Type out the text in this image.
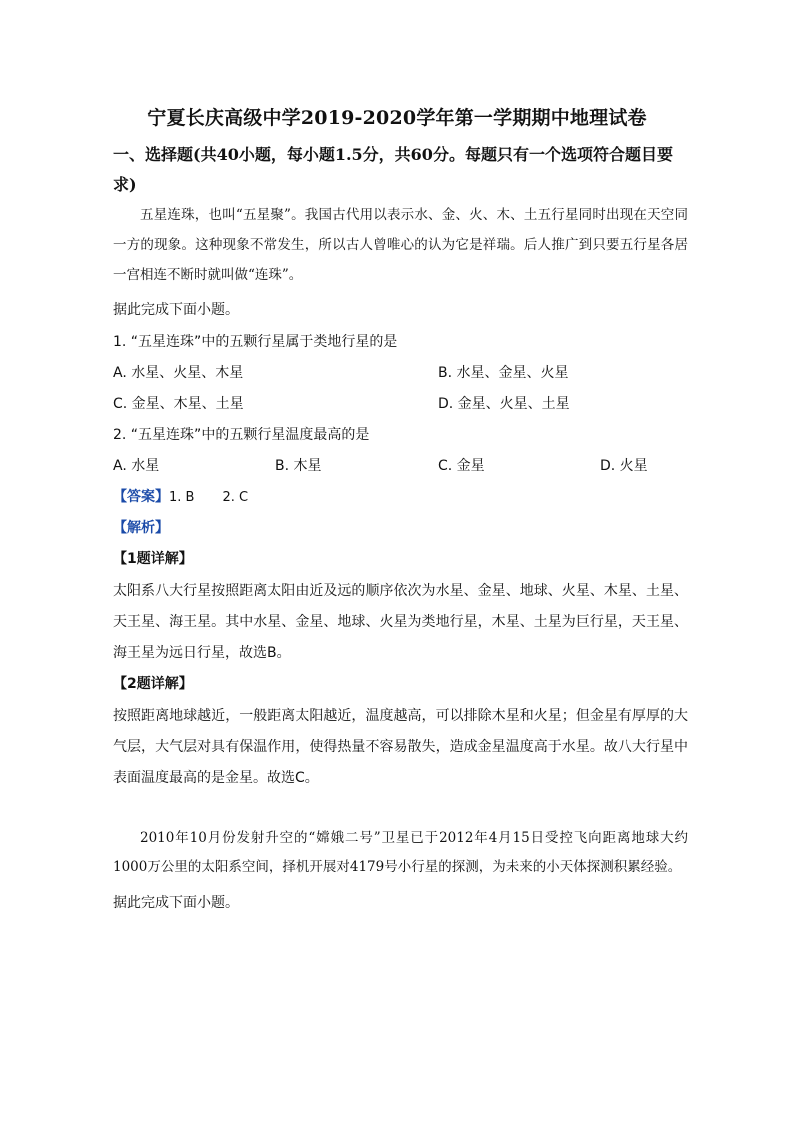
宁夏长庆高级中学2019-2020学年第一学期期中地理试卷
一、选择题(共40小题，每小题1.5分，共60分。每题只有一个选项符合题目要求)
五星连珠，也叫“五星聚”。我国古代用以表示水、金、火、木、土五行星同时出现在天空同一方的现象。这种现象不常发生，所以古人曾唯心的认为它是祥瑞。后人推广到只要五行星各居一宫相连不断时就叫做“连珠”。
据此完成下面小题。
1. “五星连珠”中的五颗行星属于类地行星的是
A. 水星、火星、木星	B. 水星、金星、火星
C. 金星、木星、土星	D. 金星、火星、土星
2. “五星连珠”中的五颗行星温度最高的是
A. 水星	B. 木星	C. 金星	D. 火星
【答案】1. B 2. C
【解析】
【1题详解】
太阳系八大行星按照距离太阳由近及远的顺序依次为水星、金星、地球、火星、木星、土星、天王星、海王星。其中水星、金星、地球、火星为类地行星，木星、土星为巨行星，天王星、海王星为远日行星，故选B。
【2题详解】
按照距离地球越近，一般距离太阳越近，温度越高，可以排除木星和火星；但金星有厚厚的大气层，大气层对具有保温作用，使得热量不容易散失，造成金星温度高于水星。故八大行星中表面温度最高的是金星。故选C。
2010年10月份发射升空的“嫦娥二号”卫星已于2012年4月15日受控飞向距离地球大约1000万公里的太阳系空间，择机开展对4179号小行星的探测，为未来的小天体探测积累经验。
据此完成下面小题。
